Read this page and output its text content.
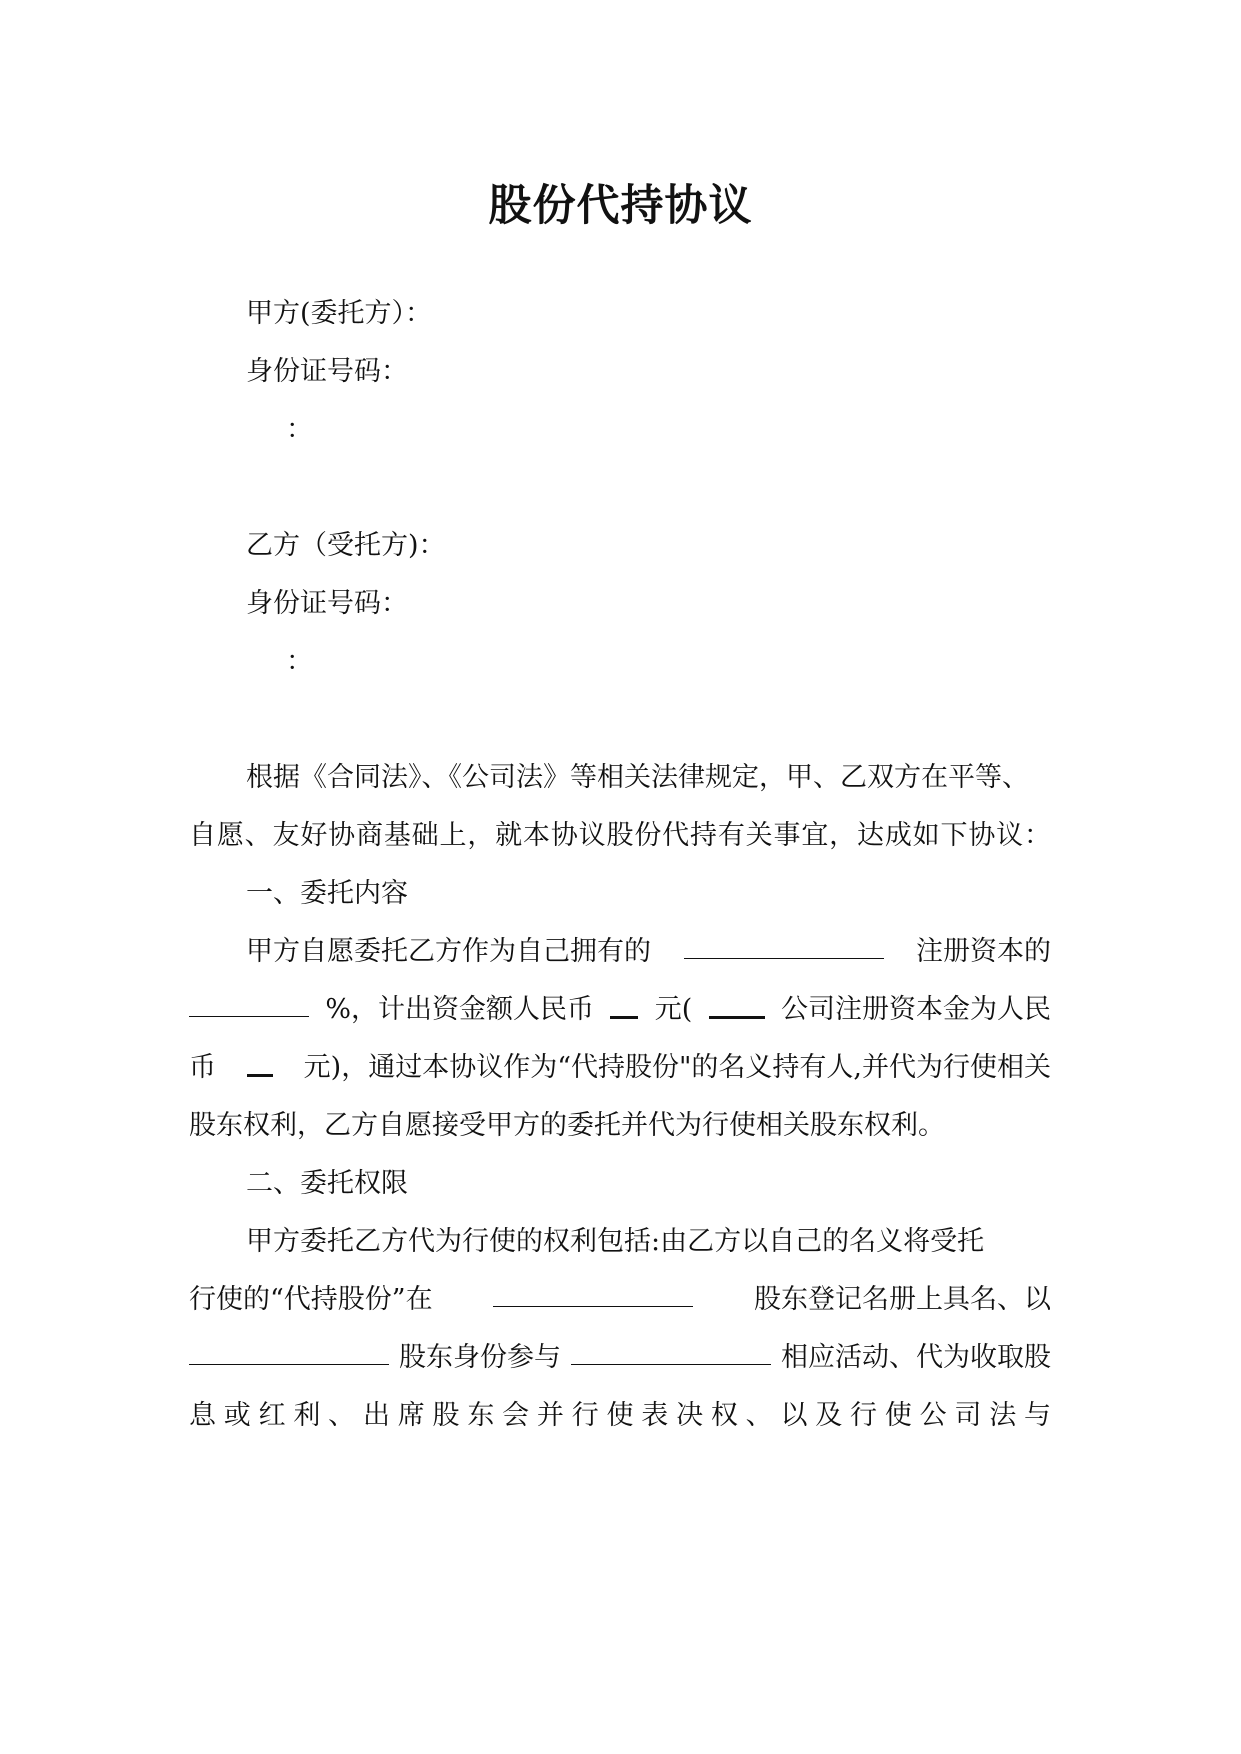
股份代持协议
甲方(委托方）：
身份证号码：
：
乙方（受托方)：
身份证号码：
：
根据《合同法》、《公司法》等相关法律规定，甲、乙双方在平等、
自愿、友好协商基础上，就本协议股份代持有关事宜，达成如下协议：
一、委托内容
甲方自愿委托乙方作为自己拥有的	注册资本的
%，计出资金额人民币 元(	公司注册资本金为人民
币	元)，通过本协议作为“代持股份"的名义持有人,并代为行使相关
股东权利，乙方自愿接受甲方的委托并代为行使相关股东权利。
二、委托权限
甲方委托乙方代为行使的权利包括:由乙方以自己的名义将受托
行使的“代持股份”在	股东登记名册上具名、以
股东身份参与	相应活动、代为收取股
息或红利、出席股东会并行使表决权、以及行使公司法与
